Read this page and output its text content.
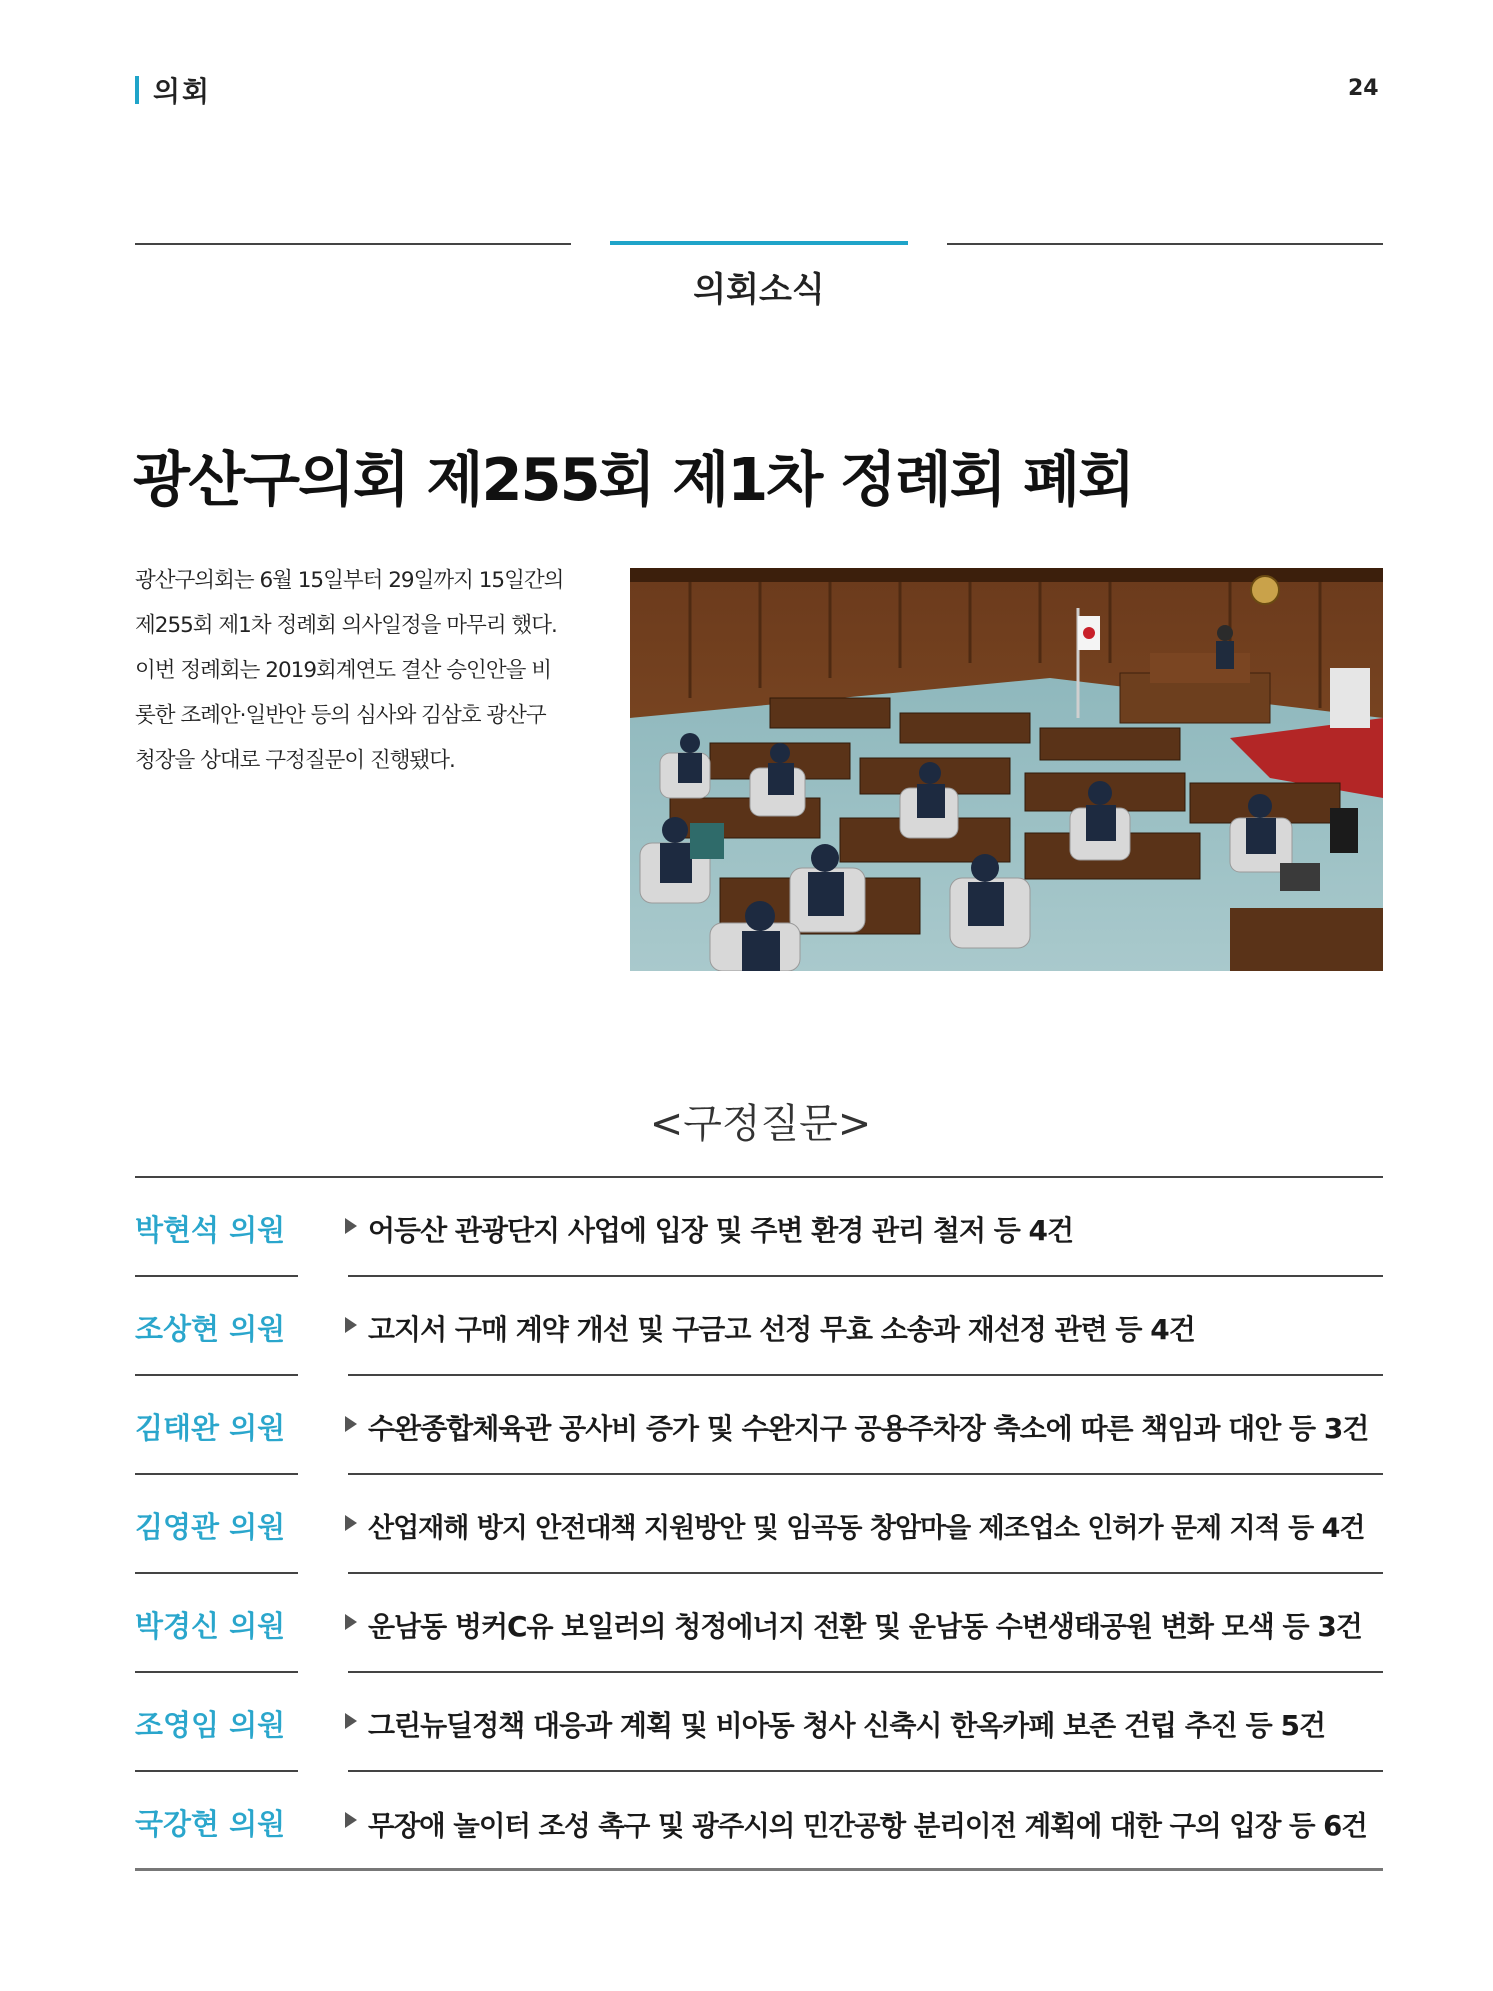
의회	24
의회소식
광산구의회 제255회 제1차 정례회 폐회
광산구의회는 6월 15일부터 29일까지 15일간의
제255회 제1차 정례회 의사일정을 마무리 했다.
이번 정례회는 2019회계연도 결산 승인안을 비
롯한 조례안·일반안 등의 심사와 김삼호 광산구
청장을 상대로 구정질문이 진행됐다.
<구정질문>
박현석 의원	어등산 관광단지 사업에 입장 및 주변 환경 관리 철저 등 4건
조상현 의원	고지서 구매 계약 개선 및 구금고 선정 무효 소송과 재선정 관련 등 4건
김태완 의원	수완종합체육관 공사비 증가 및 수완지구 공용주차장 축소에 따른 책임과 대안 등 3건
김영관 의원	산업재해 방지 안전대책 지원방안 및 임곡동 창암마을 제조업소 인허가 문제 지적 등 4건
박경신 의원	운남동 벙커C유 보일러의 청정에너지 전환 및 운남동 수변생태공원 변화 모색 등 3건
조영임 의원	그린뉴딜정책 대응과 계획 및 비아동 청사 신축시 한옥카페 보존 건립 추진 등 5건
국강현 의원	무장애 놀이터 조성 촉구 및 광주시의 민간공항 분리이전 계획에 대한 구의 입장 등 6건
